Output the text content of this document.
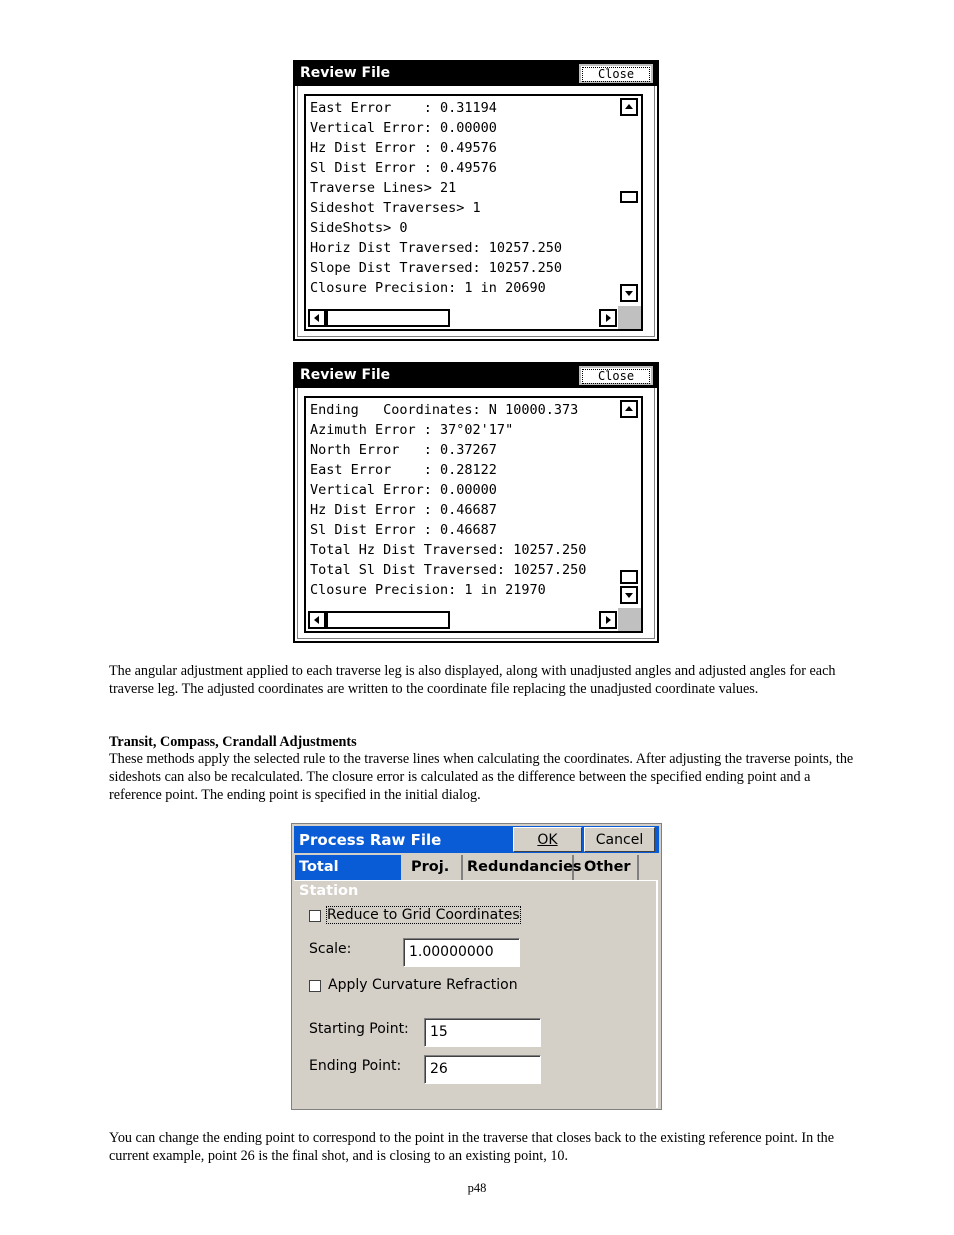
Review File	Close
East Error    : 0.31194
Vertical Error: 0.00000
Hz Dist Error : 0.49576
Sl Dist Error : 0.49576
Traverse Lines> 21
Sideshot Traverses> 1
SideShots> 0
Horiz Dist Traversed: 10257.250
Slope Dist Traversed: 10257.250
Closure Precision: 1 in 20690
Review File	Close
Ending   Coordinates: N 10000.373
Azimuth Error : 37°02'17"
North Error   : 0.37267
East Error    : 0.28122
Vertical Error: 0.00000
Hz Dist Error : 0.46687
Sl Dist Error : 0.46687
Total Hz Dist Traversed: 10257.250
Total Sl Dist Traversed: 10257.250
Closure Precision: 1 in 21970

The angular adjustment applied to each traverse leg is also displayed, along with unadjusted angles and adjusted angles for each traverse leg. The adjusted coordinates are written to the coordinate file replacing the unadjusted coordinate values.

Transit, Compass, Crandall Adjustments

These methods apply the selected rule to the traverse lines when calculating the coordinates. After adjusting the traverse points, the sideshots can also be recalculated. The closure error is calculated as the difference between the specified ending point and a reference point. The ending point is specified in the initial dialog.

Process Raw File	OK	Cancel
Total Station
Proj.	Redundancies Other
Reduce to Grid Coordinates
Scale:	1.00000000
Apply Curvature Refraction
Starting Point:	15
Ending Point:	26

You can change the ending point to correspond to the point in the traverse that closes back to the existing reference point. In the current example, point 26 is the final shot, and is closing to an existing point, 10.

p48
